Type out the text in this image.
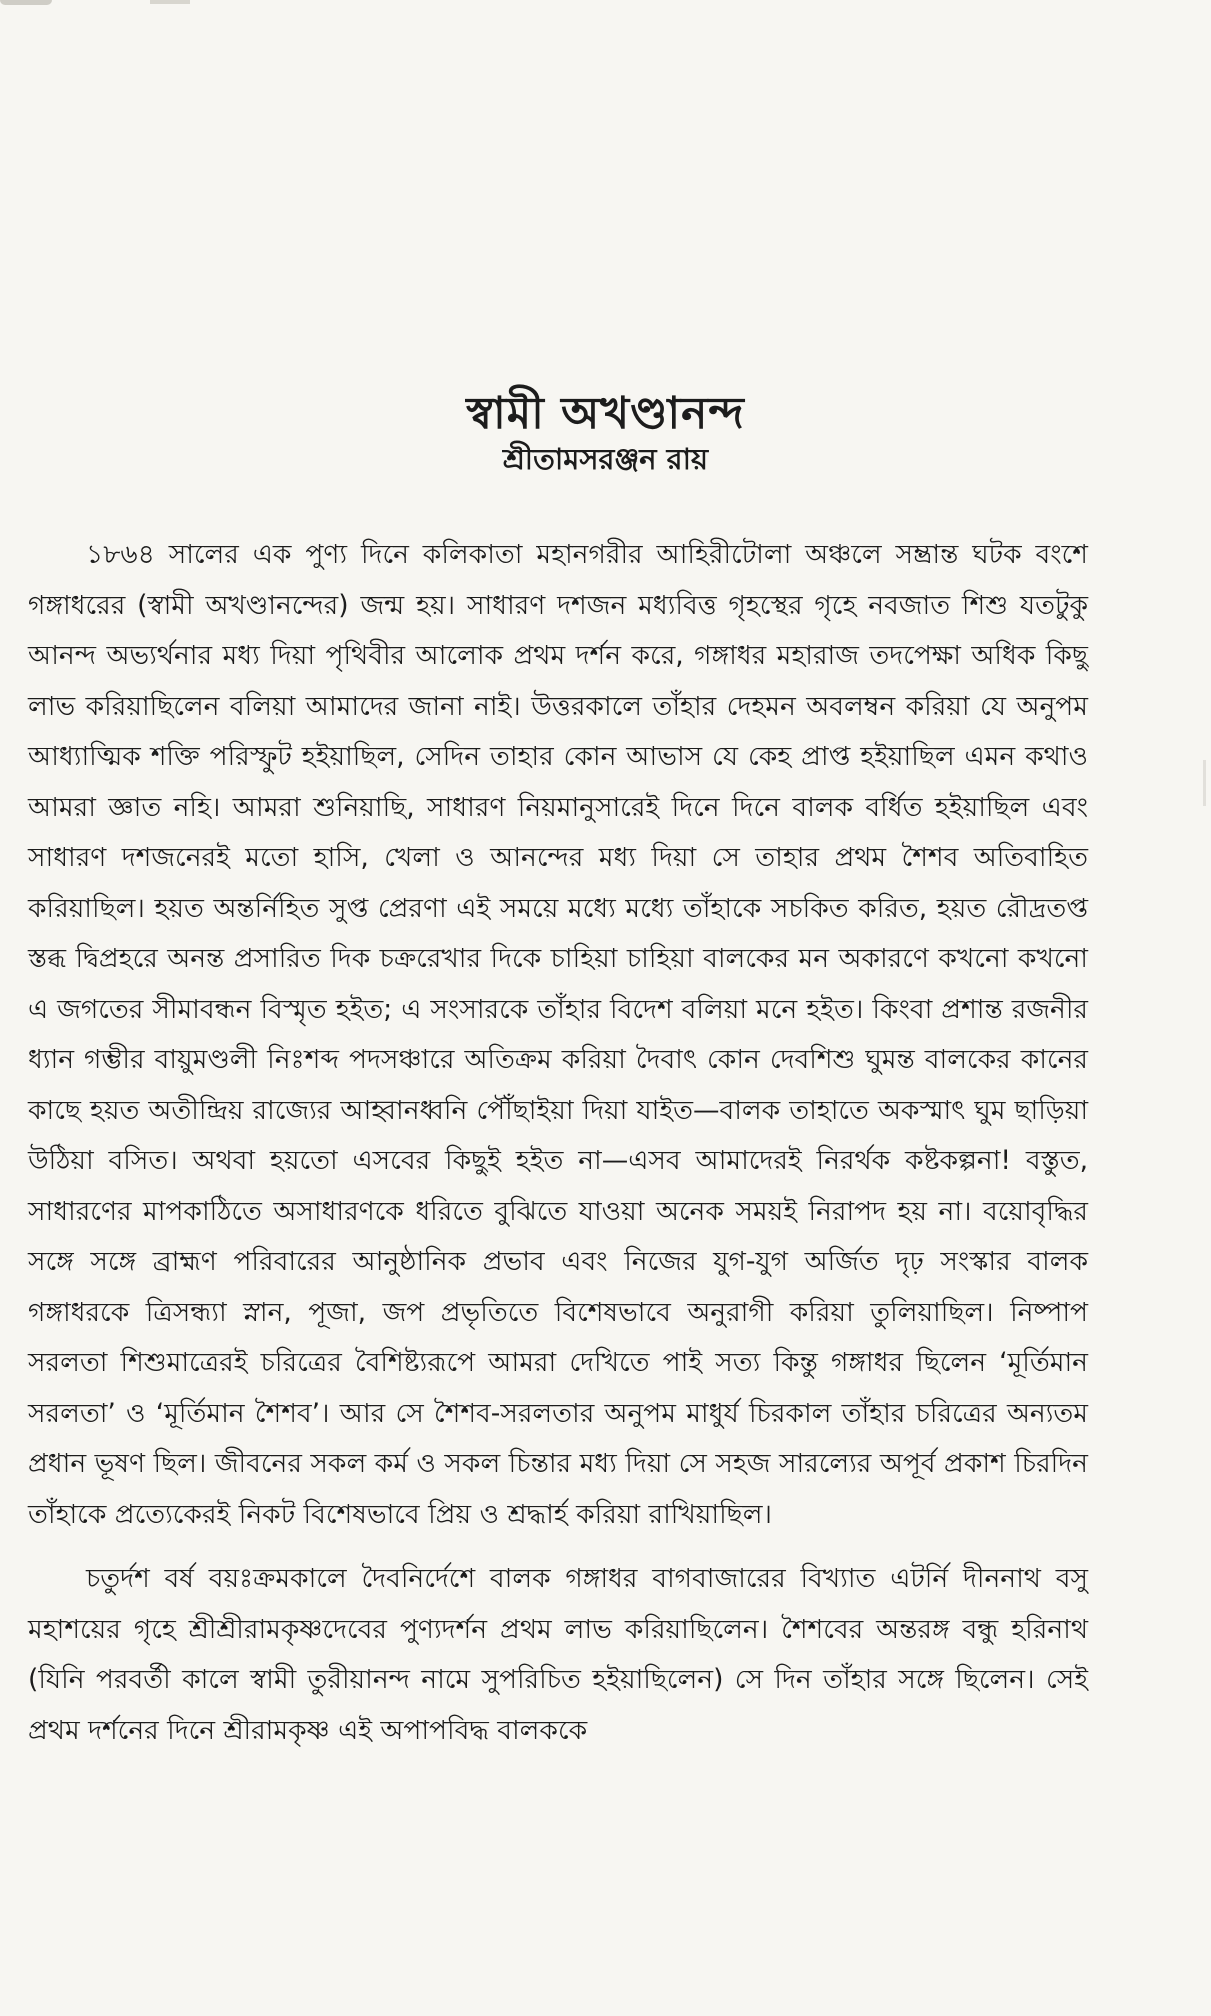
স্বামী অখণ্ডানন্দ
শ্রীতামসরঞ্জন রায়

১৮৬৪ সালের এক পুণ্য দিনে কলিকাতা মহানগরীর আহিরীটোলা অঞ্চলে সম্ভ্রান্ত ঘটক বংশে গঙ্গাধরের (স্বামী অখণ্ডানন্দের) জন্ম হয়। সাধারণ দশজন মধ্যবিত্ত গৃহস্থের গৃহে নবজাত শিশু যতটুকু আনন্দ অভ্যর্থনার মধ্য দিয়া পৃথিবীর আলোক প্রথম দর্শন করে, গঙ্গাধর মহারাজ তদপেক্ষা অধিক কিছু লাভ করিয়াছিলেন বলিয়া আমাদের জানা নাই। উত্তরকালে তাঁহার দেহমন অবলম্বন করিয়া যে অনুপম আধ্যাত্মিক শক্তি পরিস্ফুট হইয়াছিল, সেদিন তাহার কোন আভাস যে কেহ প্রাপ্ত হইয়াছিল এমন কথাও আমরা জ্ঞাত নহি। আমরা শুনিয়াছি, সাধারণ নিয়মানুসারেই দিনে দিনে বালক বর্ধিত হইয়াছিল এবং সাধারণ দশজনেরই মতো হাসি, খেলা ও আনন্দের মধ্য দিয়া সে তাহার প্রথম শৈশব অতিবাহিত করিয়াছিল। হয়ত অন্তর্নিহিত সুপ্ত প্রেরণা এই সময়ে মধ্যে মধ্যে তাঁহাকে সচকিত করিত, হয়ত রৌদ্রতপ্ত স্তব্ধ দ্বিপ্রহরে অনন্ত প্রসারিত দিক চক্ররেখার দিকে চাহিয়া চাহিয়া বালকের মন অকারণে কখনো কখনো এ জগতের সীমাবন্ধন বিস্মৃত হইত; এ সংসারকে তাঁহার বিদেশ বলিয়া মনে হইত। কিংবা প্রশান্ত রজনীর ধ্যান গম্ভীর বায়ুমণ্ডলী নিঃশব্দ পদসঞ্চারে অতিক্রম করিয়া দৈবাৎ কোন দেবশিশু ঘুমন্ত বালকের কানের কাছে হয়ত অতীন্দ্রিয় রাজ্যের আহ্বানধ্বনি পৌঁছাইয়া দিয়া যাইত—বালক তাহাতে অকস্মাৎ ঘুম ছাড়িয়া উঠিয়া বসিত। অথবা হয়তো এসবের কিছুই হইত না—এসব আমাদেরই নিরর্থক কষ্টকল্পনা! বস্তুত, সাধারণের মাপকাঠিতে অসাধারণকে ধরিতে বুঝিতে যাওয়া অনেক সময়ই নিরাপদ হয় না। বয়োবৃদ্ধির সঙ্গে সঙ্গে ব্রাহ্মণ পরিবারের আনুষ্ঠানিক প্রভাব এবং নিজের যুগ-যুগ অর্জিত দৃঢ় সংস্কার বালক গঙ্গাধরকে ত্রিসন্ধ্যা স্নান, পূজা, জপ প্রভৃতিতে বিশেষভাবে অনুরাগী করিয়া তুলিয়াছিল। নিষ্পাপ সরলতা শিশুমাত্রেরই চরিত্রের বৈশিষ্ট্যরূপে আমরা দেখিতে পাই সত্য কিন্তু গঙ্গাধর ছিলেন ‘মূর্তিমান সরলতা’ ও ‘মূর্তিমান শৈশব’। আর সে শৈশব-সরলতার অনুপম মাধুর্য চিরকাল তাঁহার চরিত্রের অন্যতম প্রধান ভূষণ ছিল। জীবনের সকল কর্ম ও সকল চিন্তার মধ্য দিয়া সে সহজ সারল্যের অপূর্ব প্রকাশ চিরদিন তাঁহাকে প্রত্যেকেরই নিকট বিশেষভাবে প্রিয় ও শ্রদ্ধার্হ করিয়া রাখিয়াছিল।

চতুর্দশ বর্ষ বয়ঃক্রমকালে দৈবনির্দেশে বালক গঙ্গাধর বাগবাজারের বিখ্যাত এটর্নি দীননাথ বসু মহাশয়ের গৃহে শ্রীশ্রীরামকৃষ্ণদেবের পুণ্যদর্শন প্রথম লাভ করিয়াছিলেন। শৈশবের অন্তরঙ্গ বন্ধু হরিনাথ (যিনি পরবর্তী কালে স্বামী তুরীয়ানন্দ নামে সুপরিচিত হইয়াছিলেন) সে দিন তাঁহার সঙ্গে ছিলেন। সেই প্রথম দর্শনের দিনে শ্রীরামকৃষ্ণ এই অপাপবিদ্ধ বালককে
